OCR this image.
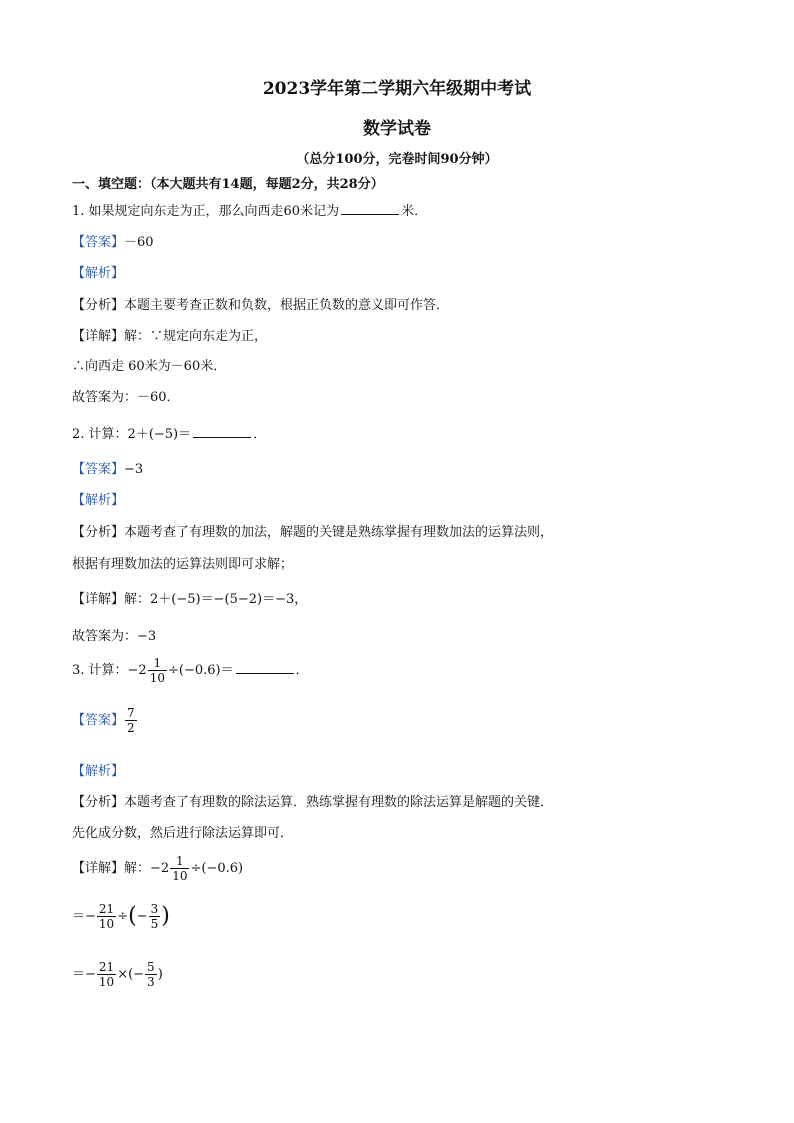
2023学年第二学期六年级期中考试
数学试卷
（总分100分，完卷时间90分钟）
一、填空题：（本大题共有14题，每题2分，共28分）
1. 如果规定向东走为正，那么向西走60米记为	米．
【答案】－60
【解析】
【分析】本题主要考查正数和负数，根据正负数的意义即可作答．
【详解】解：∵规定向东走为正，
∴向西走 60米为－60米．
故答案为：－60．
2. 计算：2＋(−5)＝	．
【答案】−3
【解析】
【分析】本题考查了有理数的加法，解题的关键是熟练掌握有理数加法的运算法则，
根据有理数加法的运算法则即可求解；
【详解】解：2＋(−5)＝−(5−2)＝−3，
故答案为：−3
3. 计算：$-2 \frac{1}{10} \div(-0.6)=$	．
【答案】 $\frac{7}{2}$
【解析】
【分析】本题考查了有理数的除法运算．熟练掌握有理数的除法运算是解题的关键．
先化成分数，然后进行除法运算即可．
【详解】解：$-2 \frac{1}{10} \div(-0.6)$
＝− $\frac{21}{10}$ ÷(− $\frac{3}{5}$ )
＝− $\frac{21}{10}$ ×(− $\frac{5}{3}$ )
